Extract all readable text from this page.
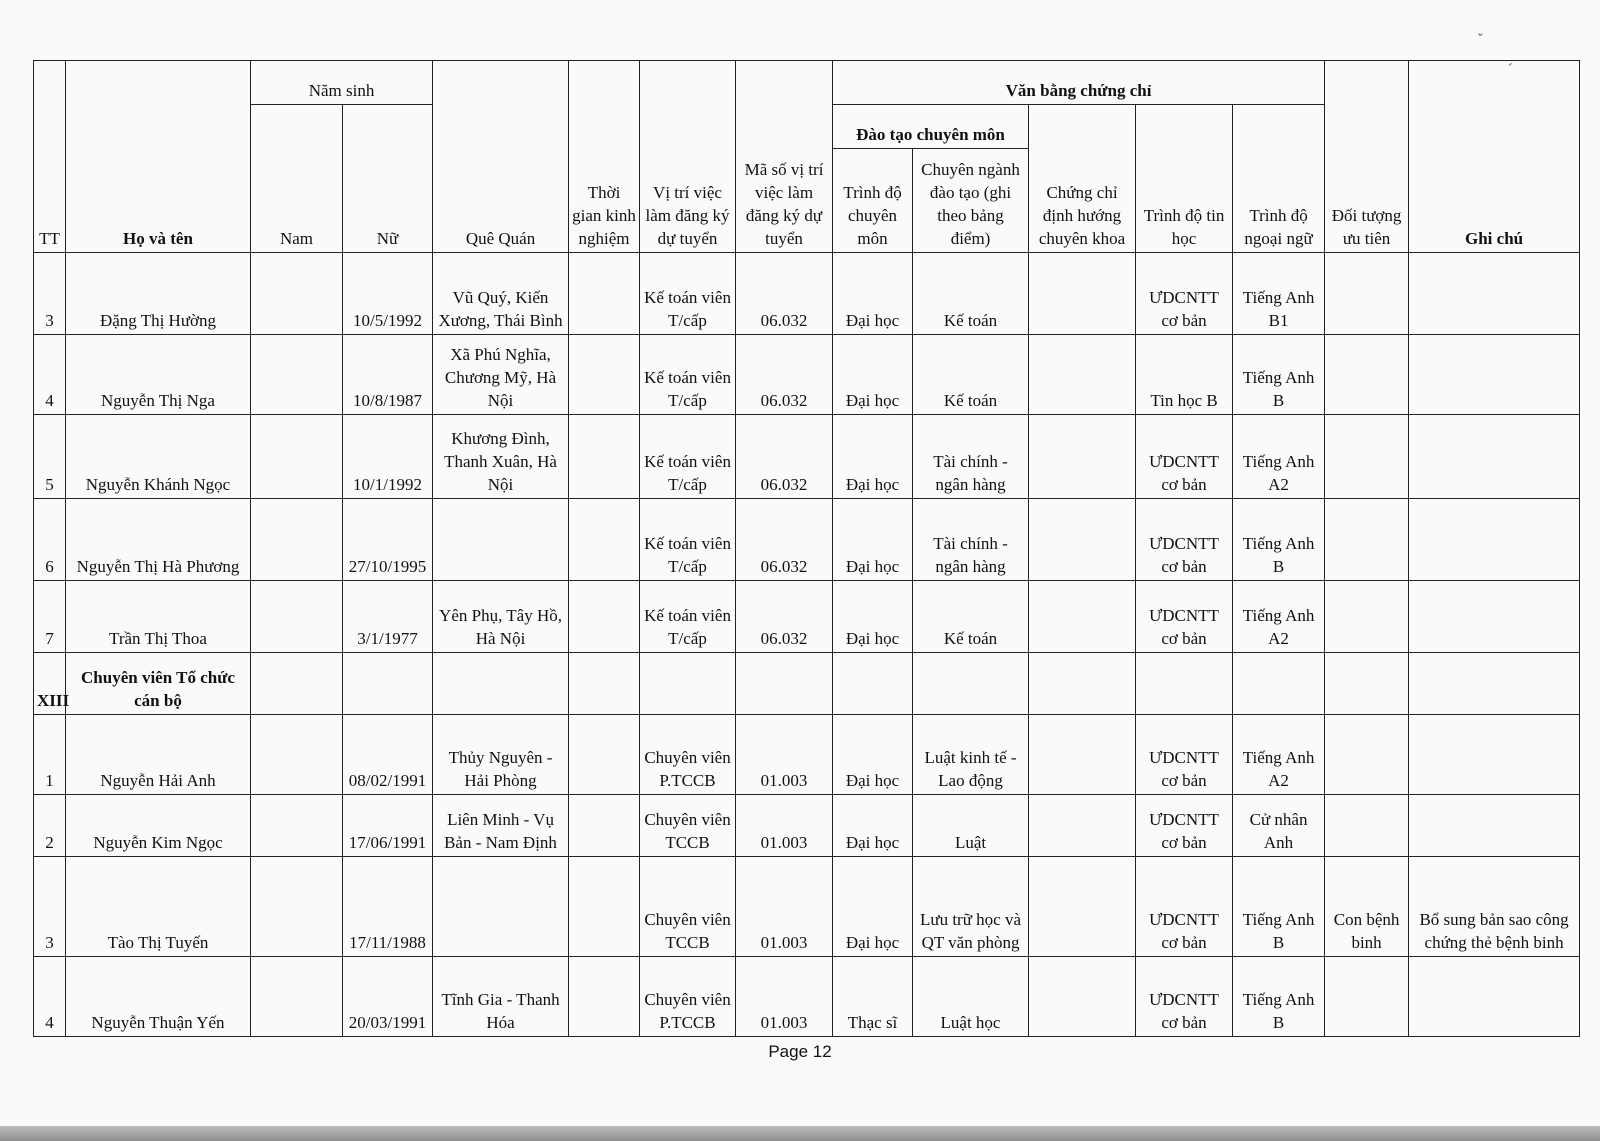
ˇ
ˊ
TT	Họ và tên	Năm sinh		Quê Quán	Thời gian kinh nghiệm	Vị trí việc làm đăng ký dự tuyển	Mã số vị trí việc làm đăng ký dự tuyển	Văn bằng chứng chỉ					Đối tượng ưu tiên	Ghi chú
		Nam	Nữ					Đào tạo chuyên môn		Chứng chỉ định hướng chuyên khoa	Trình độ tin học	Trình độ ngoại ngữ		
								Trình độ chuyên môn	Chuyên ngành đào tạo (ghi theo bảng điểm)					
3	Đặng Thị Hường		10/5/1992	Vũ Quý, Kiến Xương, Thái Bình		Kế toán viên T/cấp	06.032	Đại học	Kế toán		ƯDCNTT cơ bản	Tiếng Anh B1		
4	Nguyễn Thị Nga		10/8/1987	Xã Phú Nghĩa, Chương Mỹ, Hà Nội		Kế toán viên T/cấp	06.032	Đại học	Kế toán		Tin học B	Tiếng Anh B		
5	Nguyễn Khánh Ngọc		10/1/1992	Khương Đình, Thanh Xuân, Hà Nội		Kế toán viên T/cấp	06.032	Đại học	Tài chính - ngân hàng		ƯDCNTT cơ bản	Tiếng Anh A2		
6	Nguyễn Thị Hà Phương		27/10/1995			Kế toán viên T/cấp	06.032	Đại học	Tài chính - ngân hàng		ƯDCNTT cơ bản	Tiếng Anh B		
7	Trần Thị Thoa		3/1/1977	Yên Phụ, Tây Hồ, Hà Nội		Kế toán viên T/cấp	06.032	Đại học	Kế toán		ƯDCNTT cơ bản	Tiếng Anh A2		
XIII	Chuyên viên Tổ chức cán bộ													
1	Nguyễn Hải Anh		08/02/1991	Thủy Nguyên - Hải Phòng		Chuyên viên P.TCCB	01.003	Đại học	Luật kinh tế - Lao động		ƯDCNTT cơ bản	Tiếng Anh A2		
2	Nguyễn Kim Ngọc		17/06/1991	Liên Minh - Vụ Bản - Nam Định		Chuyên viên TCCB	01.003	Đại học	Luật		ƯDCNTT cơ bản	Cử nhân Anh		
3	Tào Thị Tuyến		17/11/1988			Chuyên viên TCCB	01.003	Đại học	Lưu trữ học và QT văn phòng		ƯDCNTT cơ bản	Tiếng Anh B	Con bệnh binh	Bổ sung bản sao công chứng thẻ bệnh binh
4	Nguyễn Thuận Yến		20/03/1991	Tĩnh Gia - Thanh Hóa		Chuyên viên P.TCCB	01.003	Thạc sĩ	Luật học		ƯDCNTT cơ bản	Tiếng Anh B		
Page 12
